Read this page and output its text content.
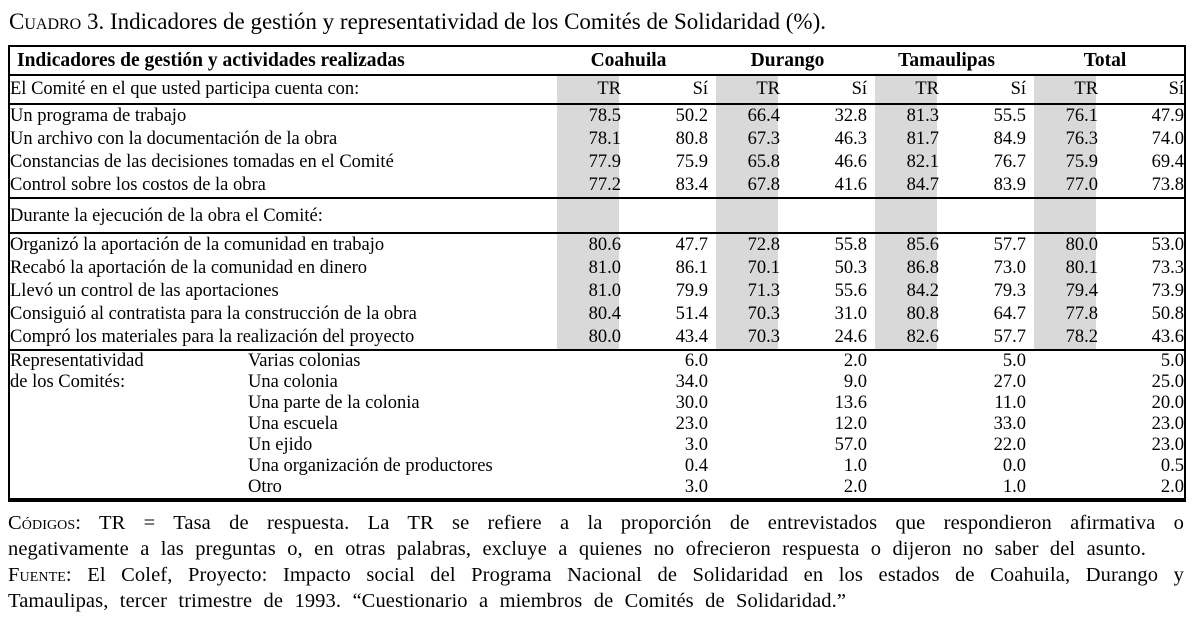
Cuadro 3. Indicadores de gestión y representatividad de los Comités de Solidaridad (%).
Indicadores de gestión y actividades realizadas	Coahuila		Durango		Tamaulipas		Total	
El Comité en el que usted participa cuenta con:	TR	Sí	TR	Sí	TR	Sí	TR	Sí
Un programa de trabajo	78.5	50.2	66.4	32.8	81.3	55.5	76.1	47.9
Un archivo con la documentación de la obra	78.1	80.8	67.3	46.3	81.7	84.9	76.3	74.0
Constancias de las decisiones tomadas en el Comité	77.9	75.9	65.8	46.6	82.1	76.7	75.9	69.4
Control sobre los costos de la obra	77.2	83.4	67.8	41.6	84.7	83.9	77.0	73.8
Durante la ejecución de la obra el Comité:								
Organizó la aportación de la comunidad en trabajo	80.6	47.7	72.8	55.8	85.6	57.7	80.0	53.0
Recabó la aportación de la comunidad en dinero	81.0	86.1	70.1	50.3	86.8	73.0	80.1	73.3
Llevó un control de las aportaciones	81.0	79.9	71.3	55.6	84.2	79.3	79.4	73.9
Consiguió al contratista para la construcción de la obra	80.4	51.4	70.3	31.0	80.8	64.7	77.8	50.8
Compró los materiales para la realización del proyecto	80.0	43.4	70.3	24.6	82.6	57.7	78.2	43.6
Representatividad Varias colonias		6.0		2.0		5.0		5.0
de los Comités: Una colonia		34.0		9.0		27.0		25.0
Una parte de la colonia		30.0		13.6		11.0		20.0
Una escuela		23.0		12.0		33.0		23.0
Un ejido		3.0		57.0		22.0		23.0
Una organización de productores		0.4		1.0		0.0		0.5
Otro		3.0		2.0		1.0		2.0

Códigos: TR = Tasa de respuesta. La TR se refiere a la proporción de entrevistados que respondieron afirmativa o negativamente a las preguntas o, en otras palabras, excluye a quienes no ofrecieron respuesta o dijeron no saber del asunto.

Fuente: El Colef, Proyecto: Impacto social del Programa Nacional de Solidaridad en los estados de Coahuila, Durango y Tamaulipas, tercer trimestre de 1993. “Cuestionario a miembros de Comités de Solidaridad.”
